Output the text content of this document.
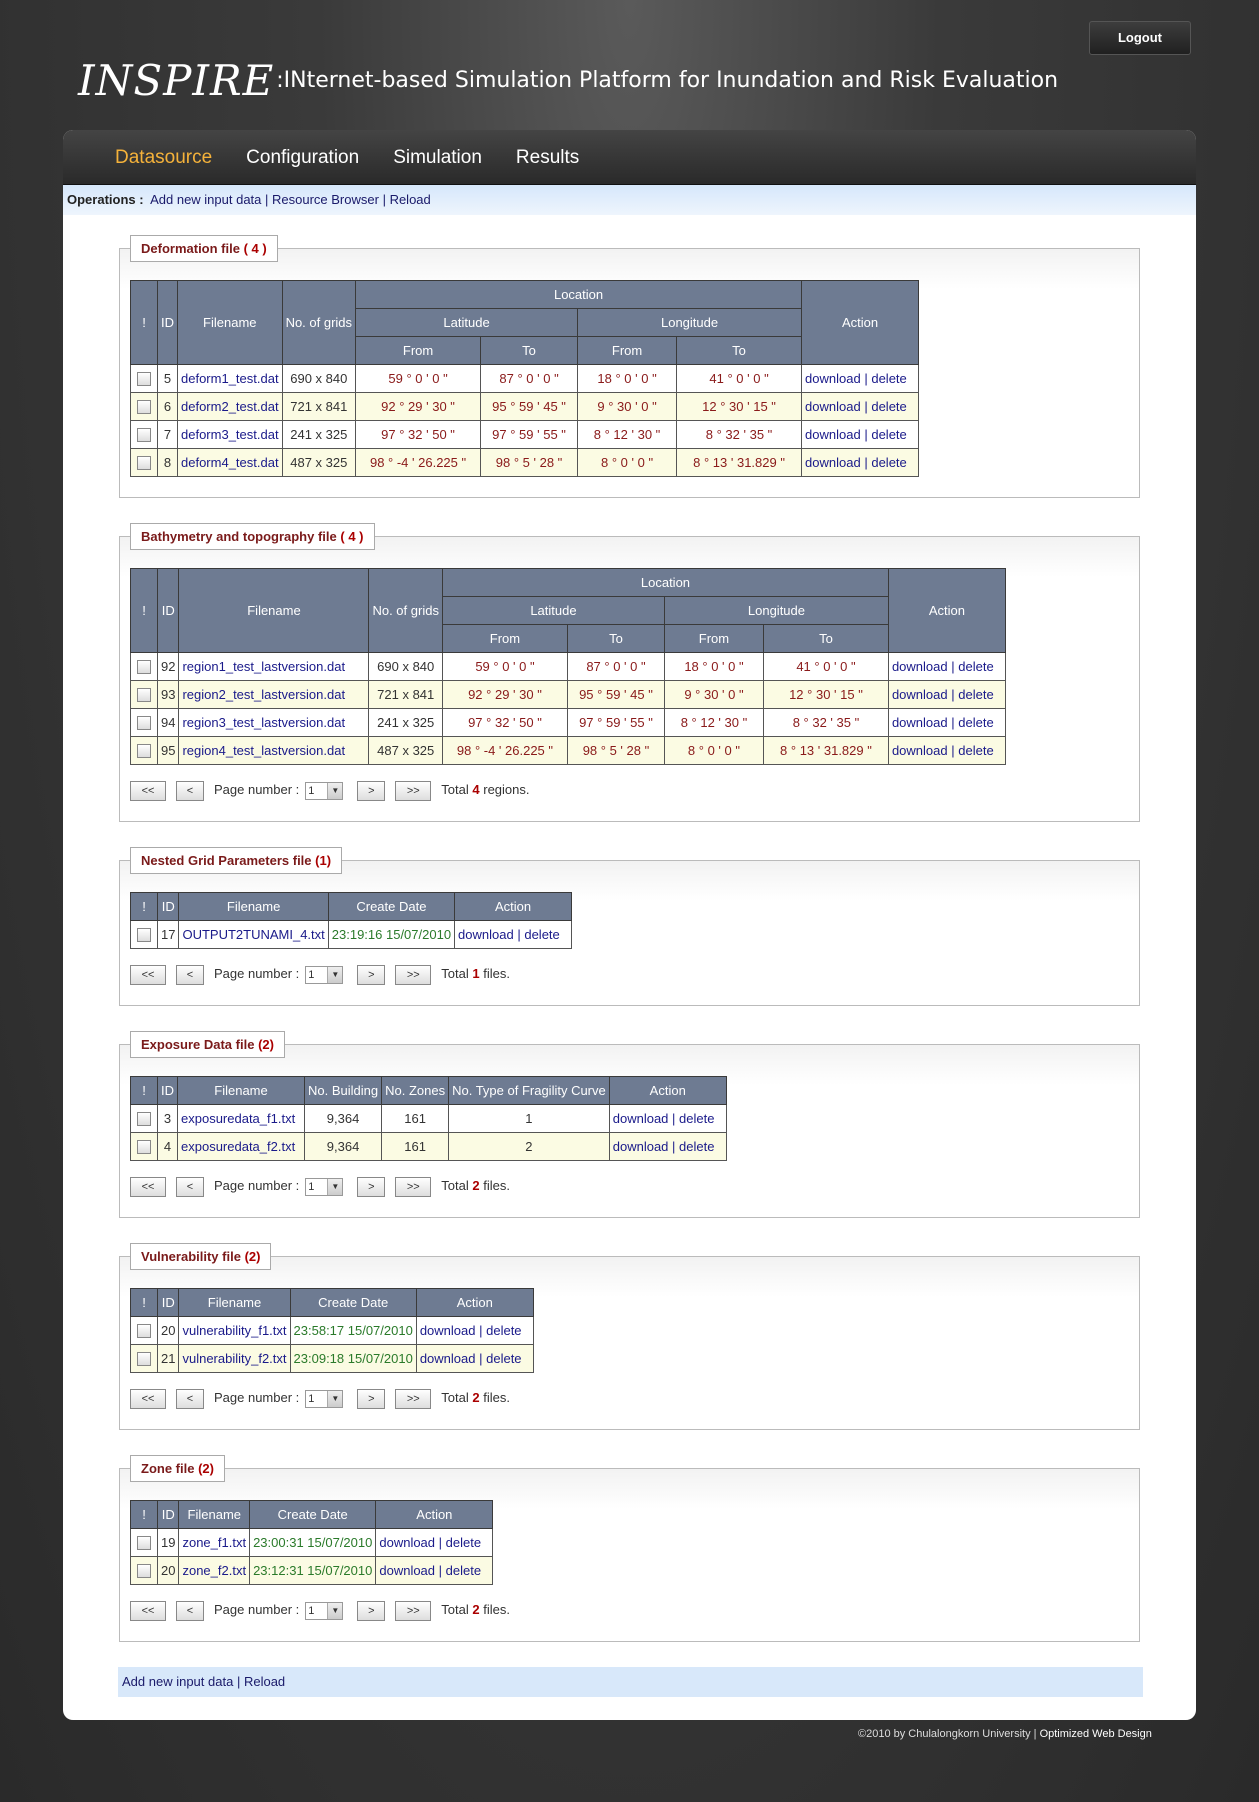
Logout
INSPIRE:INternet-based Simulation Platform for Inundation and Risk Evaluation
Datasource Configuration Simulation Results
Operations : Add new input data | Resource Browser | Reload
Deformation file ( 4 )
!	ID	Filename	No. of grids	Location				Action
				Latitude		Longitude		
				From	To	From	To	
	5	deform1_test.dat	690 x 840	59 ° 0 ' 0 "	87 ° 0 ' 0 "	18 ° 0 ' 0 "	41 ° 0 ' 0 "	download | delete
	6	deform2_test.dat	721 x 841	92 ° 29 ' 30 "	95 ° 59 ' 45 "	9 ° 30 ' 0 "	12 ° 30 ' 15 "	download | delete
	7	deform3_test.dat	241 x 325	97 ° 32 ' 50 "	97 ° 59 ' 55 "	8 ° 12 ' 30 "	8 ° 32 ' 35 "	download | delete
	8	deform4_test.dat	487 x 325	98 ° -4 ' 26.225 "	98 ° 5 ' 28 "	8 ° 0 ' 0 "	8 ° 13 ' 31.829 "	download | delete
Bathymetry and topography file ( 4 )
!	ID	Filename	No. of grids	Location				Action
				Latitude		Longitude		
				From	To	From	To	
	92	region1_test_lastversion.dat	690 x 840	59 ° 0 ' 0 "	87 ° 0 ' 0 "	18 ° 0 ' 0 "	41 ° 0 ' 0 "	download | delete
	93	region2_test_lastversion.dat	721 x 841	92 ° 29 ' 30 "	95 ° 59 ' 45 "	9 ° 30 ' 0 "	12 ° 30 ' 15 "	download | delete
	94	region3_test_lastversion.dat	241 x 325	97 ° 32 ' 50 "	97 ° 59 ' 55 "	8 ° 12 ' 30 "	8 ° 32 ' 35 "	download | delete
	95	region4_test_lastversion.dat	487 x 325	98 ° -4 ' 26.225 "	98 ° 5 ' 28 "	8 ° 0 ' 0 "	8 ° 13 ' 31.829 "	download | delete
<<	< Page number : 1	▼	>	>> Total 4 regions.
Nested Grid Parameters file (1)
!	ID	Filename	Create Date	Action
	17	OUTPUT2TUNAMI_4.txt	23:19:16 15/07/2010	download | delete
<<	< Page number : 1	▼	>	>> Total 1 files.
Exposure Data file (2)
!	ID	Filename	No. Building	No. Zones	No. Type of Fragility Curve	Action
	3	exposuredata_f1.txt	9,364	161	1	download | delete
	4	exposuredata_f2.txt	9,364	161	2	download | delete
<<	< Page number : 1	▼	>	>> Total 2 files.
Vulnerability file (2)
!	ID	Filename	Create Date	Action
	20	vulnerability_f1.txt	23:58:17 15/07/2010	download | delete
	21	vulnerability_f2.txt	23:09:18 15/07/2010	download | delete
<<	< Page number : 1	▼	>	>> Total 2 files.
Zone file (2)
!	ID	Filename	Create Date	Action
	19	zone_f1.txt	23:00:31 15/07/2010	download | delete
	20	zone_f2.txt	23:12:31 15/07/2010	download | delete
<<	< Page number : 1	▼	>	>> Total 2 files.
Add new input data | Reload
©2010 by Chulalongkorn University | Optimized Web Design
